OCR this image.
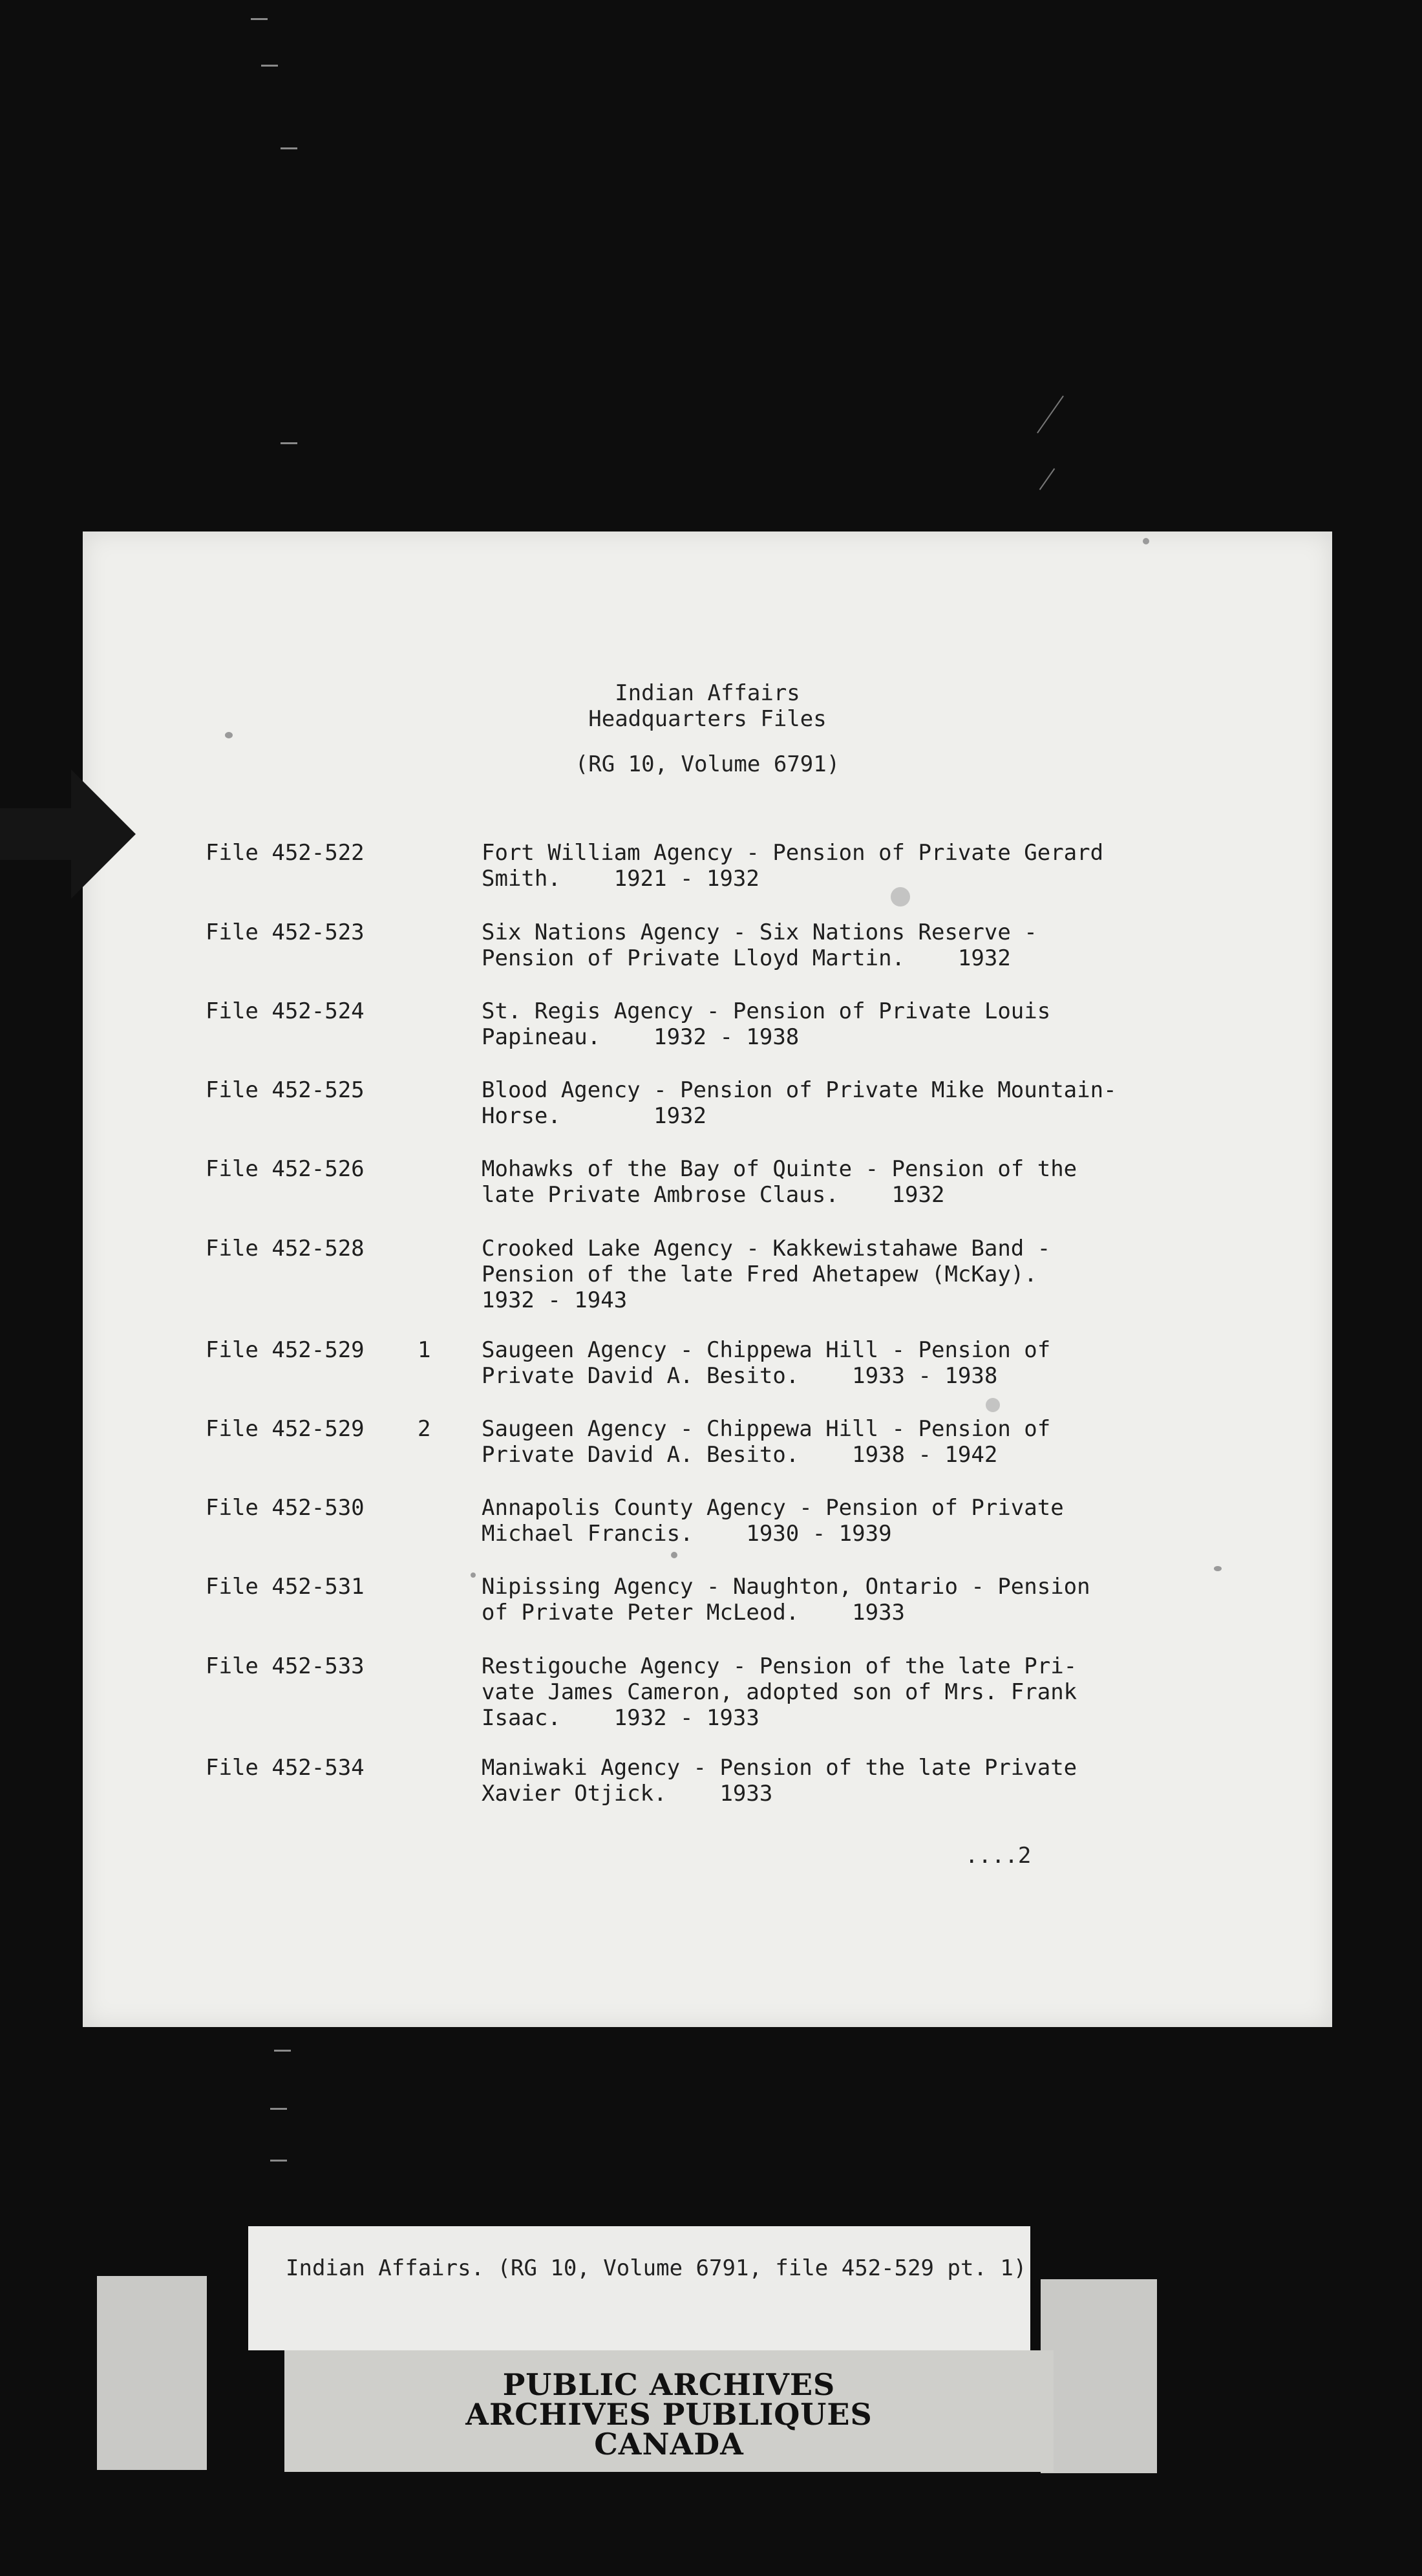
Indian Affairs
Headquarters Files
(RG 10, Volume 6791)
File 452-522	Fort William Agency - Pension of Private Gerard
Smith.    1921 - 1932
File 452-523	Six Nations Agency - Six Nations Reserve -
Pension of Private Lloyd Martin.    1932
File 452-524	St. Regis Agency - Pension of Private Louis
Papineau.    1932 - 1938
File 452-525	Blood Agency - Pension of Private Mike Mountain-
Horse.       1932
File 452-526	Mohawks of the Bay of Quinte - Pension of the
late Private Ambrose Claus.    1932
File 452-528	Crooked Lake Agency - Kakkewistahawe Band -
Pension of the late Fred Ahetapew (McKay).
1932 - 1943
File 452-529 1 Saugeen Agency - Chippewa Hill - Pension of
Private David A. Besito.    1933 - 1938
File 452-529 2 Saugeen Agency - Chippewa Hill - Pension of
Private David A. Besito.    1938 - 1942
File 452-530	Annapolis County Agency - Pension of Private
Michael Francis.    1930 - 1939
File 452-531	Nipissing Agency - Naughton, Ontario - Pension
of Private Peter McLeod.    1933
File 452-533	Restigouche Agency - Pension of the late Pri-
vate James Cameron, adopted son of Mrs. Frank
Isaac.    1932 - 1933
File 452-534	Maniwaki Agency - Pension of the late Private
Xavier Otjick.    1933
....2
Indian Affairs. (RG 10, Volume 6791, file 452-529 pt. 1)
PUBLIC ARCHIVES
ARCHIVES PUBLIQUES
CANADA
